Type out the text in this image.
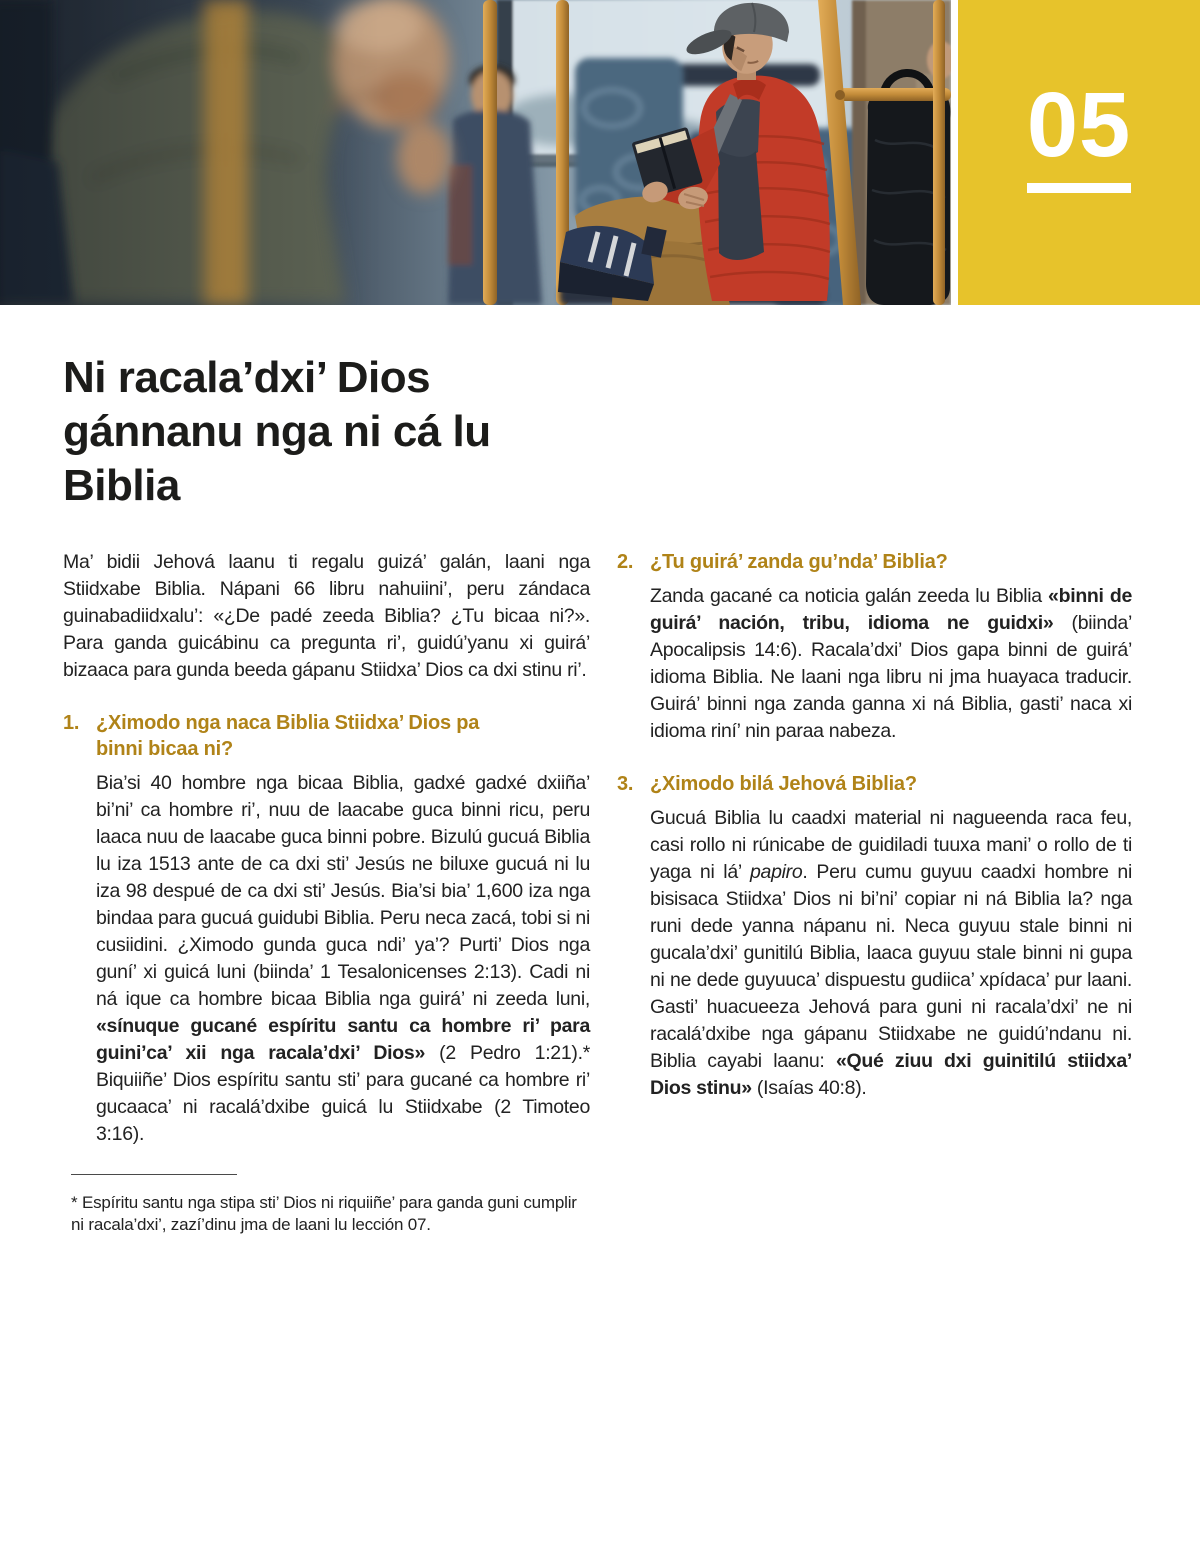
05
Ni racala’dxi’ Dios gánnanu nga ni cá lu Biblia

Ma’ bidii Jehová laanu ti regalu guizá’ galán, laani nga Stiidxabe Biblia. Nápani 66 libru nahuiini’, peru zándaca guinabadiidxalu’: «¿De padé zeeda Biblia? ¿Tu bicaa ni?». Para ganda guicábinu ca pregunta ri’, guidú’yanu xi guirá’ bizaaca para gunda beeda gápanu Stiidxa’ Dios ca dxi stinu ri’.

1. ¿Ximodo nga naca Biblia Stiidxa’ Dios pa binni bicaa ni?

Bia’si 40 hombre nga bicaa Biblia, gadxé gadxé dxiiña’ bi’ni’ ca hombre ri’, nuu de laacabe guca binni ricu, peru laaca nuu de laacabe guca binni pobre. Bizulú gucuá Biblia lu iza 1513 ante de ca dxi sti’ Jesús ne biluxe gucuá ni lu iza 98 despué de ca dxi sti’ Jesús. Bia’si bia’ 1,600 iza nga bindaa para gucuá guidubi Biblia. Peru neca zacá, tobi si ni cusiidini. ¿Ximodo gunda guca ndi’ ya’? Purti’ Dios nga guní’ xi guicá luni (biinda’ 1 Tesalonicenses 2:13). Cadi ni ná ique ca hombre bicaa Biblia nga guirá’ ni zeeda luni, «sínuque gucané espíritu santu ca hombre ri’ para guini’ca’ xii nga racala’dxi’ Dios» (2 Pedro 1:21).* Biquiiñe’ Dios espíritu santu sti’ para gucané ca hombre ri’ gucaaca’ ni racalá’dxibe guicá lu Stiidxabe (2 Timoteo 3:16).

* Espíritu santu nga stipa sti’ Dios ni riquiiñe’ para ganda guni cumplir ni racala’dxi’, zazí’dinu jma de laani lu lección 07.

2. ¿Tu guirá’ zanda gu’nda’ Biblia?

Zanda gacané ca noticia galán zeeda lu Biblia «binni de guirá’ nación, tribu, idioma ne guidxi» (biinda’ Apocalipsis 14:6). Racala’dxi’ Dios gapa binni de guirá’ idioma Biblia. Ne laani nga libru ni jma huayaca traducir. Guirá’ binni nga zanda ganna xi ná Biblia, gasti’ naca xi idioma riní’ nin paraa nabeza.

3. ¿Ximodo bilá Jehová Biblia?

Gucuá Biblia lu caadxi material ni nagueenda raca feu, casi rollo ni rúnicabe de guidiladi tuuxa mani’ o rollo de ti yaga ni lá’ papiro. Peru cumu guyuu caadxi hombre ni bisisaca Stiidxa’ Dios ni bi’ni’ copiar ni ná Biblia la? nga runi dede yanna nápanu ni. Neca guyuu stale binni ni gucala’dxi’ gunitilú Biblia, laaca guyuu stale binni ni gupa ni ne dede guyuuca’ dispuestu gudiica’ xpídaca’ pur laani. Gasti’ huacueeza Jehová para guni ni racala’dxi’ ne ni racalá’dxibe nga gápanu Stiidxabe ne guidú’ndanu ni. Biblia cayabi laanu: «Qué ziuu dxi guinitilú stiidxa’ Dios stinu» (Isaías 40:8).
